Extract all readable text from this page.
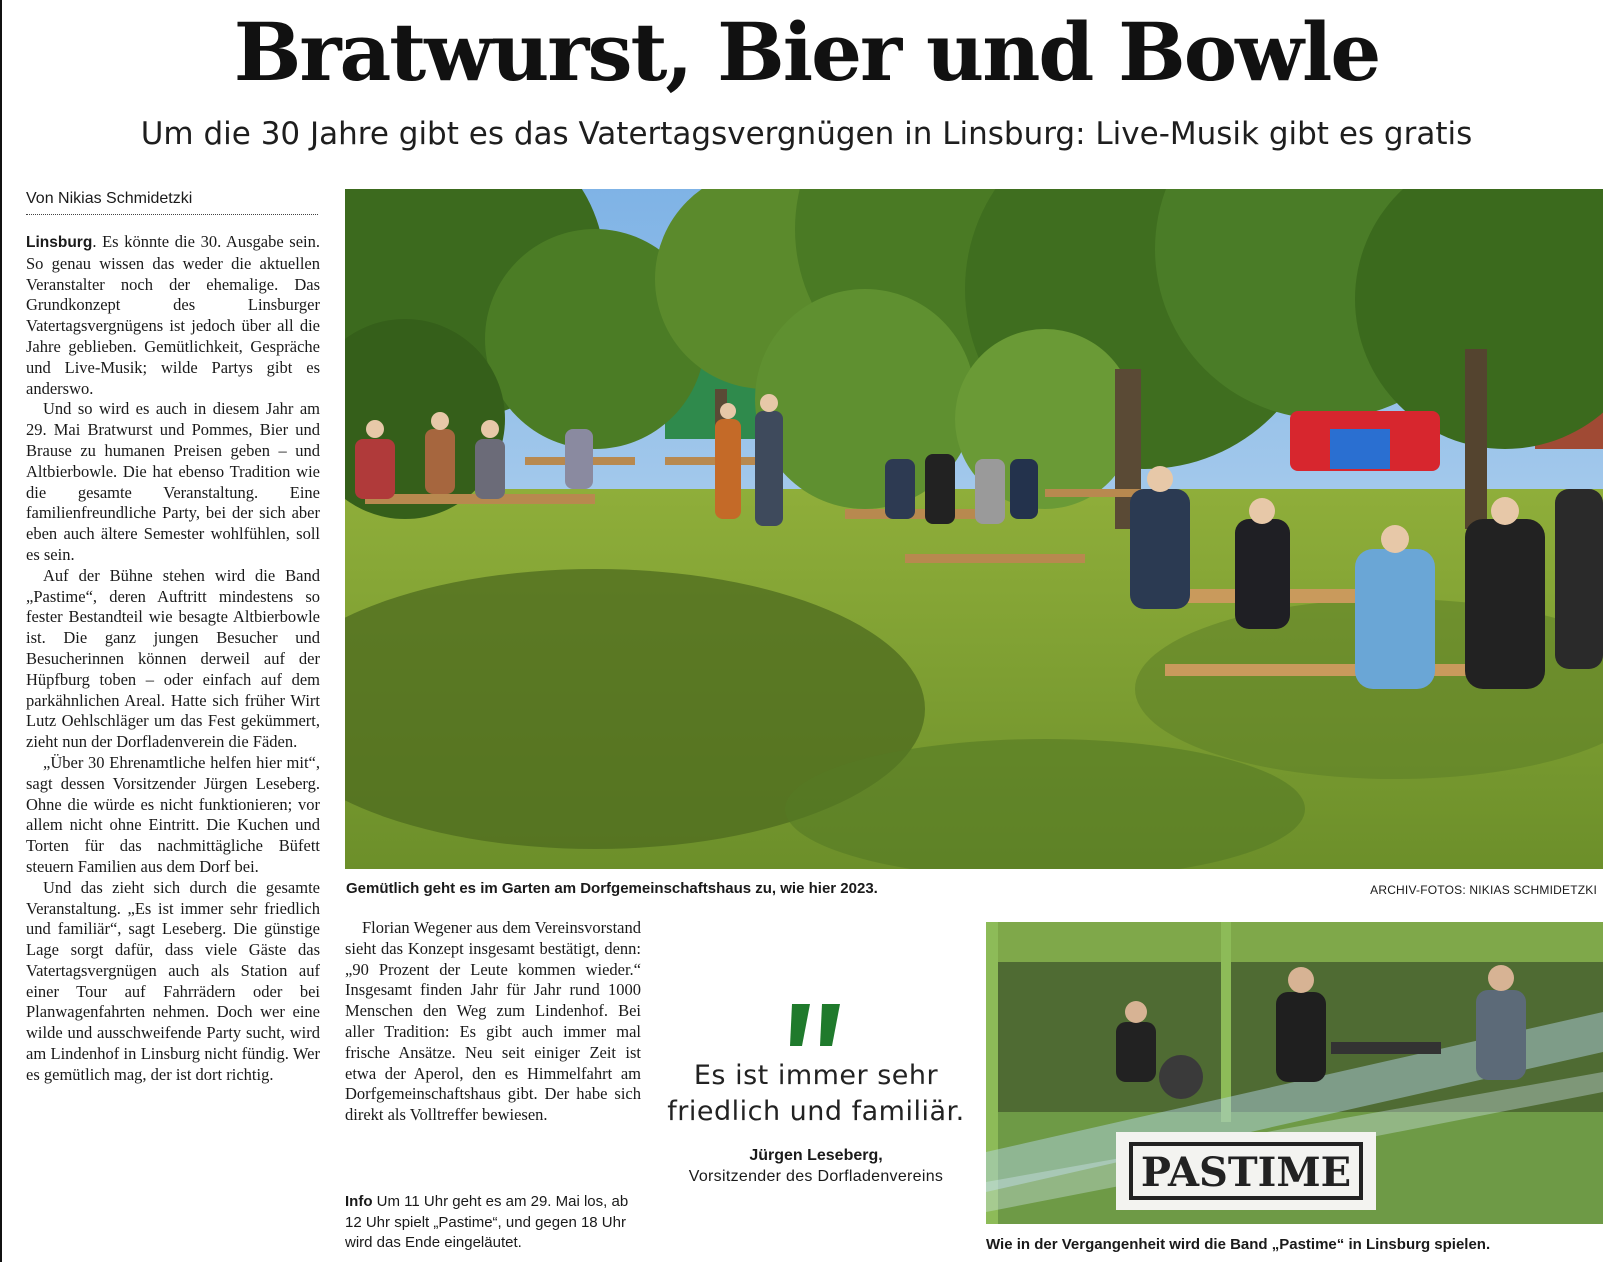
Bratwurst, Bier und Bowle
Um die 30 Jahre gibt es das Vatertagsvergnügen in Linsburg: Live-Musik gibt es gratis
Von Nikias Schmidetzki

Linsburg. Es könnte die 30. Ausgabe sein. So genau wissen das weder die aktuellen Veranstalter noch der ehemalige. Das Grundkonzept des Linsburger Vatertagsvergnügens ist jedoch über all die Jahre geblieben. Gemütlichkeit, Gespräche und Live-Musik; wilde Partys gibt es anderswo.

Und so wird es auch in diesem Jahr am 29. Mai Bratwurst und Pommes, Bier und Brause zu humanen Preisen geben – und Altbierbowle. Die hat ebenso Tradition wie die gesamte Veranstaltung. Eine familienfreundliche Party, bei der sich aber eben auch ältere Semester wohlfühlen, soll es sein.

Auf der Bühne stehen wird die Band „Pastime“, deren Auftritt mindestens so fester Bestandteil wie besagte Altbierbowle ist. Die ganz jungen Besucher und Besucherinnen können derweil auf der Hüpfburg toben – oder einfach auf dem parkähnlichen Areal. Hatte sich früher Wirt Lutz Oehlschläger um das Fest gekümmert, zieht nun der Dorfladenverein die Fäden.

„Über 30 Ehrenamtliche helfen hier mit“, sagt dessen Vorsitzender Jürgen Leseberg. Ohne die würde es nicht funktionieren; vor allem nicht ohne Eintritt. Die Kuchen und Torten für das nachmittägliche Büfett steuern Familien aus dem Dorf bei.

Und das zieht sich durch die gesamte Veranstaltung. „Es ist immer sehr friedlich und familiär“, sagt Leseberg. Die günstige Lage sorgt dafür, dass viele Gäste das Vatertagsvergnügen auch als Station auf einer Tour auf Fahrrädern oder bei Planwagenfahrten nehmen. Doch wer eine wilde und ausschweifende Party sucht, wird am Lindenhof in Linsburg nicht fündig. Wer es gemütlich mag, der ist dort richtig.

Gemütlich geht es im Garten am Dorfgemeinschaftshaus zu, wie hier 2023.	ARCHIV-FOTOS: NIKIAS SCHMIDETZKI

Florian Wegener aus dem Vereinsvorstand sieht das Konzept insgesamt bestätigt, denn: „90 Prozent der Leute kommen wieder.“ Insgesamt finden Jahr für Jahr rund 1000 Menschen den Weg zum Lindenhof. Bei aller Tradition: Es gibt auch immer mal frische Ansätze. Neu seit einiger Zeit ist etwa der Aperol, den es Himmelfahrt am Dorfgemeinschaftshaus gibt. Der habe sich direkt als Volltreffer bewiesen.

Info Um 11 Uhr geht es am 29. Mai los, ab 12 Uhr spielt „Pastime“, und gegen 18 Uhr wird das Ende eingeläutet.
Es ist immer sehr friedlich und familiär.
Jürgen Leseberg,
Vorsitzender des Dorfladenvereins	PASTIME
Wie in der Vergangenheit wird die Band „Pastime“ in Linsburg spielen.
